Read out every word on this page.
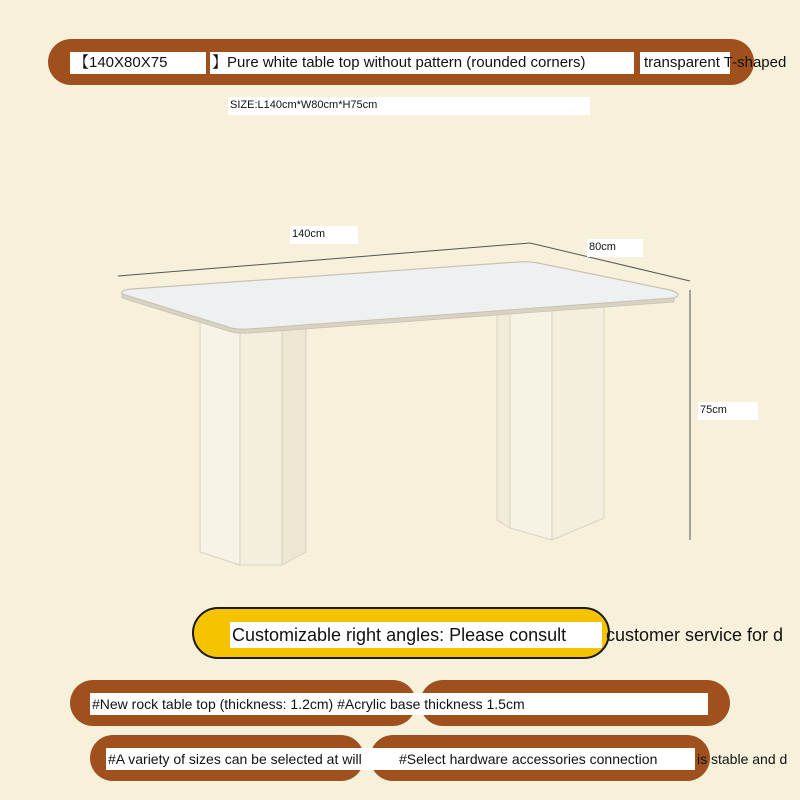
【140X80X75	】Pure white table top without pattern (rounded corners)	transparent T-shaped
SIZE:L140cm*W80cm*H75cm
140cm
80cm
75cm
Customizable right angles: Please consult	customer service for d
#New rock table top (thickness: 1.2cm) #Acrylic base thickness 1.5cm
#A variety of sizes can be selected at will	#Select hardware accessories connection	is stable and d
